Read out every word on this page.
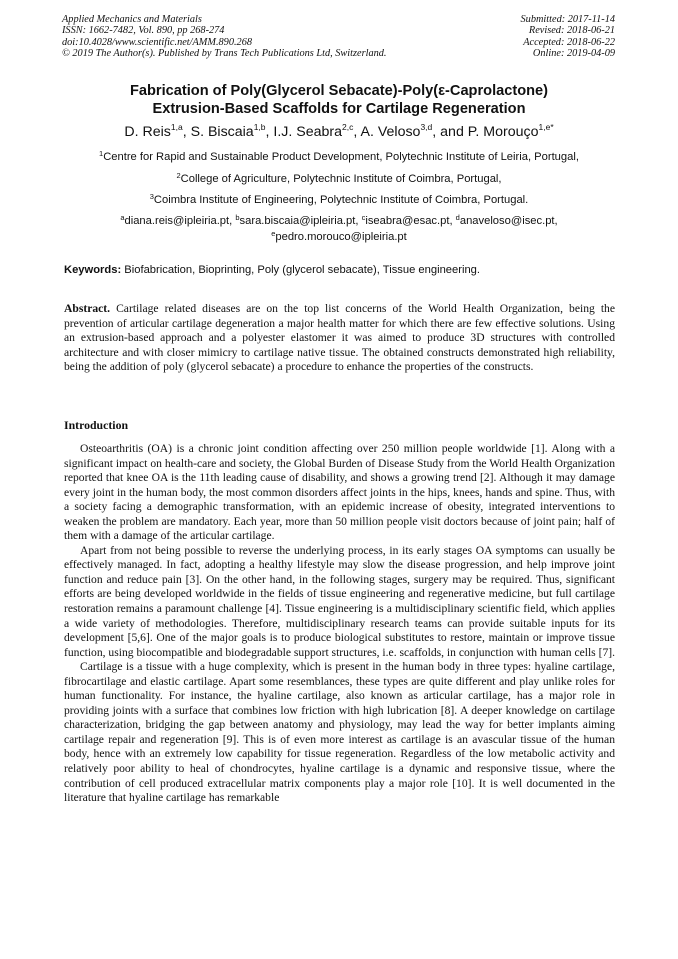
Applied Mechanics and Materials
ISSN: 1662-7482, Vol. 890, pp 268-274
doi:10.4028/www.scientific.net/AMM.890.268
© 2019 The Author(s). Published by Trans Tech Publications Ltd, Switzerland.
Submitted: 2017-11-14
Revised: 2018-06-21
Accepted: 2018-06-22
Online: 2019-04-09
Fabrication of Poly(Glycerol Sebacate)-Poly(ε-Caprolactone)
Extrusion-Based Scaffolds for Cartilage Regeneration
D. Reis$^{1,a}$, S. Biscaia$^{1,b}$, I.J. Seabra$^{2,c}$, A. Veloso$^{3,d}$, and P. Morouço$^{1,e*}$
$^1$Centre for Rapid and Sustainable Product Development, Polytechnic Institute of Leiria, Portugal,
$^2$College of Agriculture, Polytechnic Institute of Coimbra, Portugal,
$^3$Coimbra Institute of Engineering, Polytechnic Institute of Coimbra, Portugal.
$^a$diana.reis@ipleiria.pt, $^b$sara.biscaia@ipleiria.pt, $^c$iseabra@esac.pt, $^d$anaveloso@isec.pt,
$^e$pedro.morouco@ipleiria.pt
Keywords: Biofabrication, Bioprinting, Poly (glycerol sebacate), Tissue engineering.
Abstract. Cartilage related diseases are on the top list concerns of the World Health Organization, being the prevention of articular cartilage degeneration a major health matter for which there are few effective solutions. Using an extrusion-based approach and a polyester elastomer it was aimed to produce 3D structures with controlled architecture and with closer mimicry to cartilage native tissue. The obtained constructs demonstrated high reliability, being the addition of poly (glycerol sebacate) a procedure to enhance the properties of the constructs.
Introduction

Osteoarthritis (OA) is a chronic joint condition affecting over 250 million people worldwide [1]. Along with a significant impact on health-care and society, the Global Burden of Disease Study from the World Health Organization reported that knee OA is the 11th leading cause of disability, and shows a growing trend [2]. Although it may damage every joint in the human body, the most common disorders affect joints in the hips, knees, hands and spine. Thus, with a society facing a demographic transformation, with an epidemic increase of obesity, integrated interventions to weaken the problem are mandatory. Each year, more than 50 million people visit doctors because of joint pain; half of them with a damage of the articular cartilage.

Apart from not being possible to reverse the underlying process, in its early stages OA symptoms can usually be effectively managed. In fact, adopting a healthy lifestyle may slow the disease progression, and help improve joint function and reduce pain [3]. On the other hand, in the following stages, surgery may be required. Thus, significant efforts are being developed worldwide in the fields of tissue engineering and regenerative medicine, but full cartilage restoration remains a paramount challenge [4]. Tissue engineering is a multidisciplinary scientific field, which applies a wide variety of methodologies. Therefore, multidisciplinary research teams can provide suitable inputs for its development [5,6]. One of the major goals is to produce biological substitutes to restore, maintain or improve tissue function, using biocompatible and biodegradable support structures, i.e. scaffolds, in conjunction with human cells [7].

Cartilage is a tissue with a huge complexity, which is present in the human body in three types: hyaline cartilage, fibrocartilage and elastic cartilage. Apart some resemblances, these types are quite different and play unlike roles for human functionality. For instance, the hyaline cartilage, also known as articular cartilage, has a major role in providing joints with a surface that combines low friction with high lubrication [8]. A deeper knowledge on cartilage characterization, bridging the gap between anatomy and physiology, may lead the way for better implants aiming cartilage repair and regeneration [9]. This is of even more interest as cartilage is an avascular tissue of the human body, hence with an extremely low capability for tissue regeneration. Regardless of the low metabolic activity and relatively poor ability to heal of chondrocytes, hyaline cartilage is a dynamic and responsive tissue, where the contribution of cell produced extracellular matrix components play a major role [10]. It is well documented in the literature that hyaline cartilage has remarkable
